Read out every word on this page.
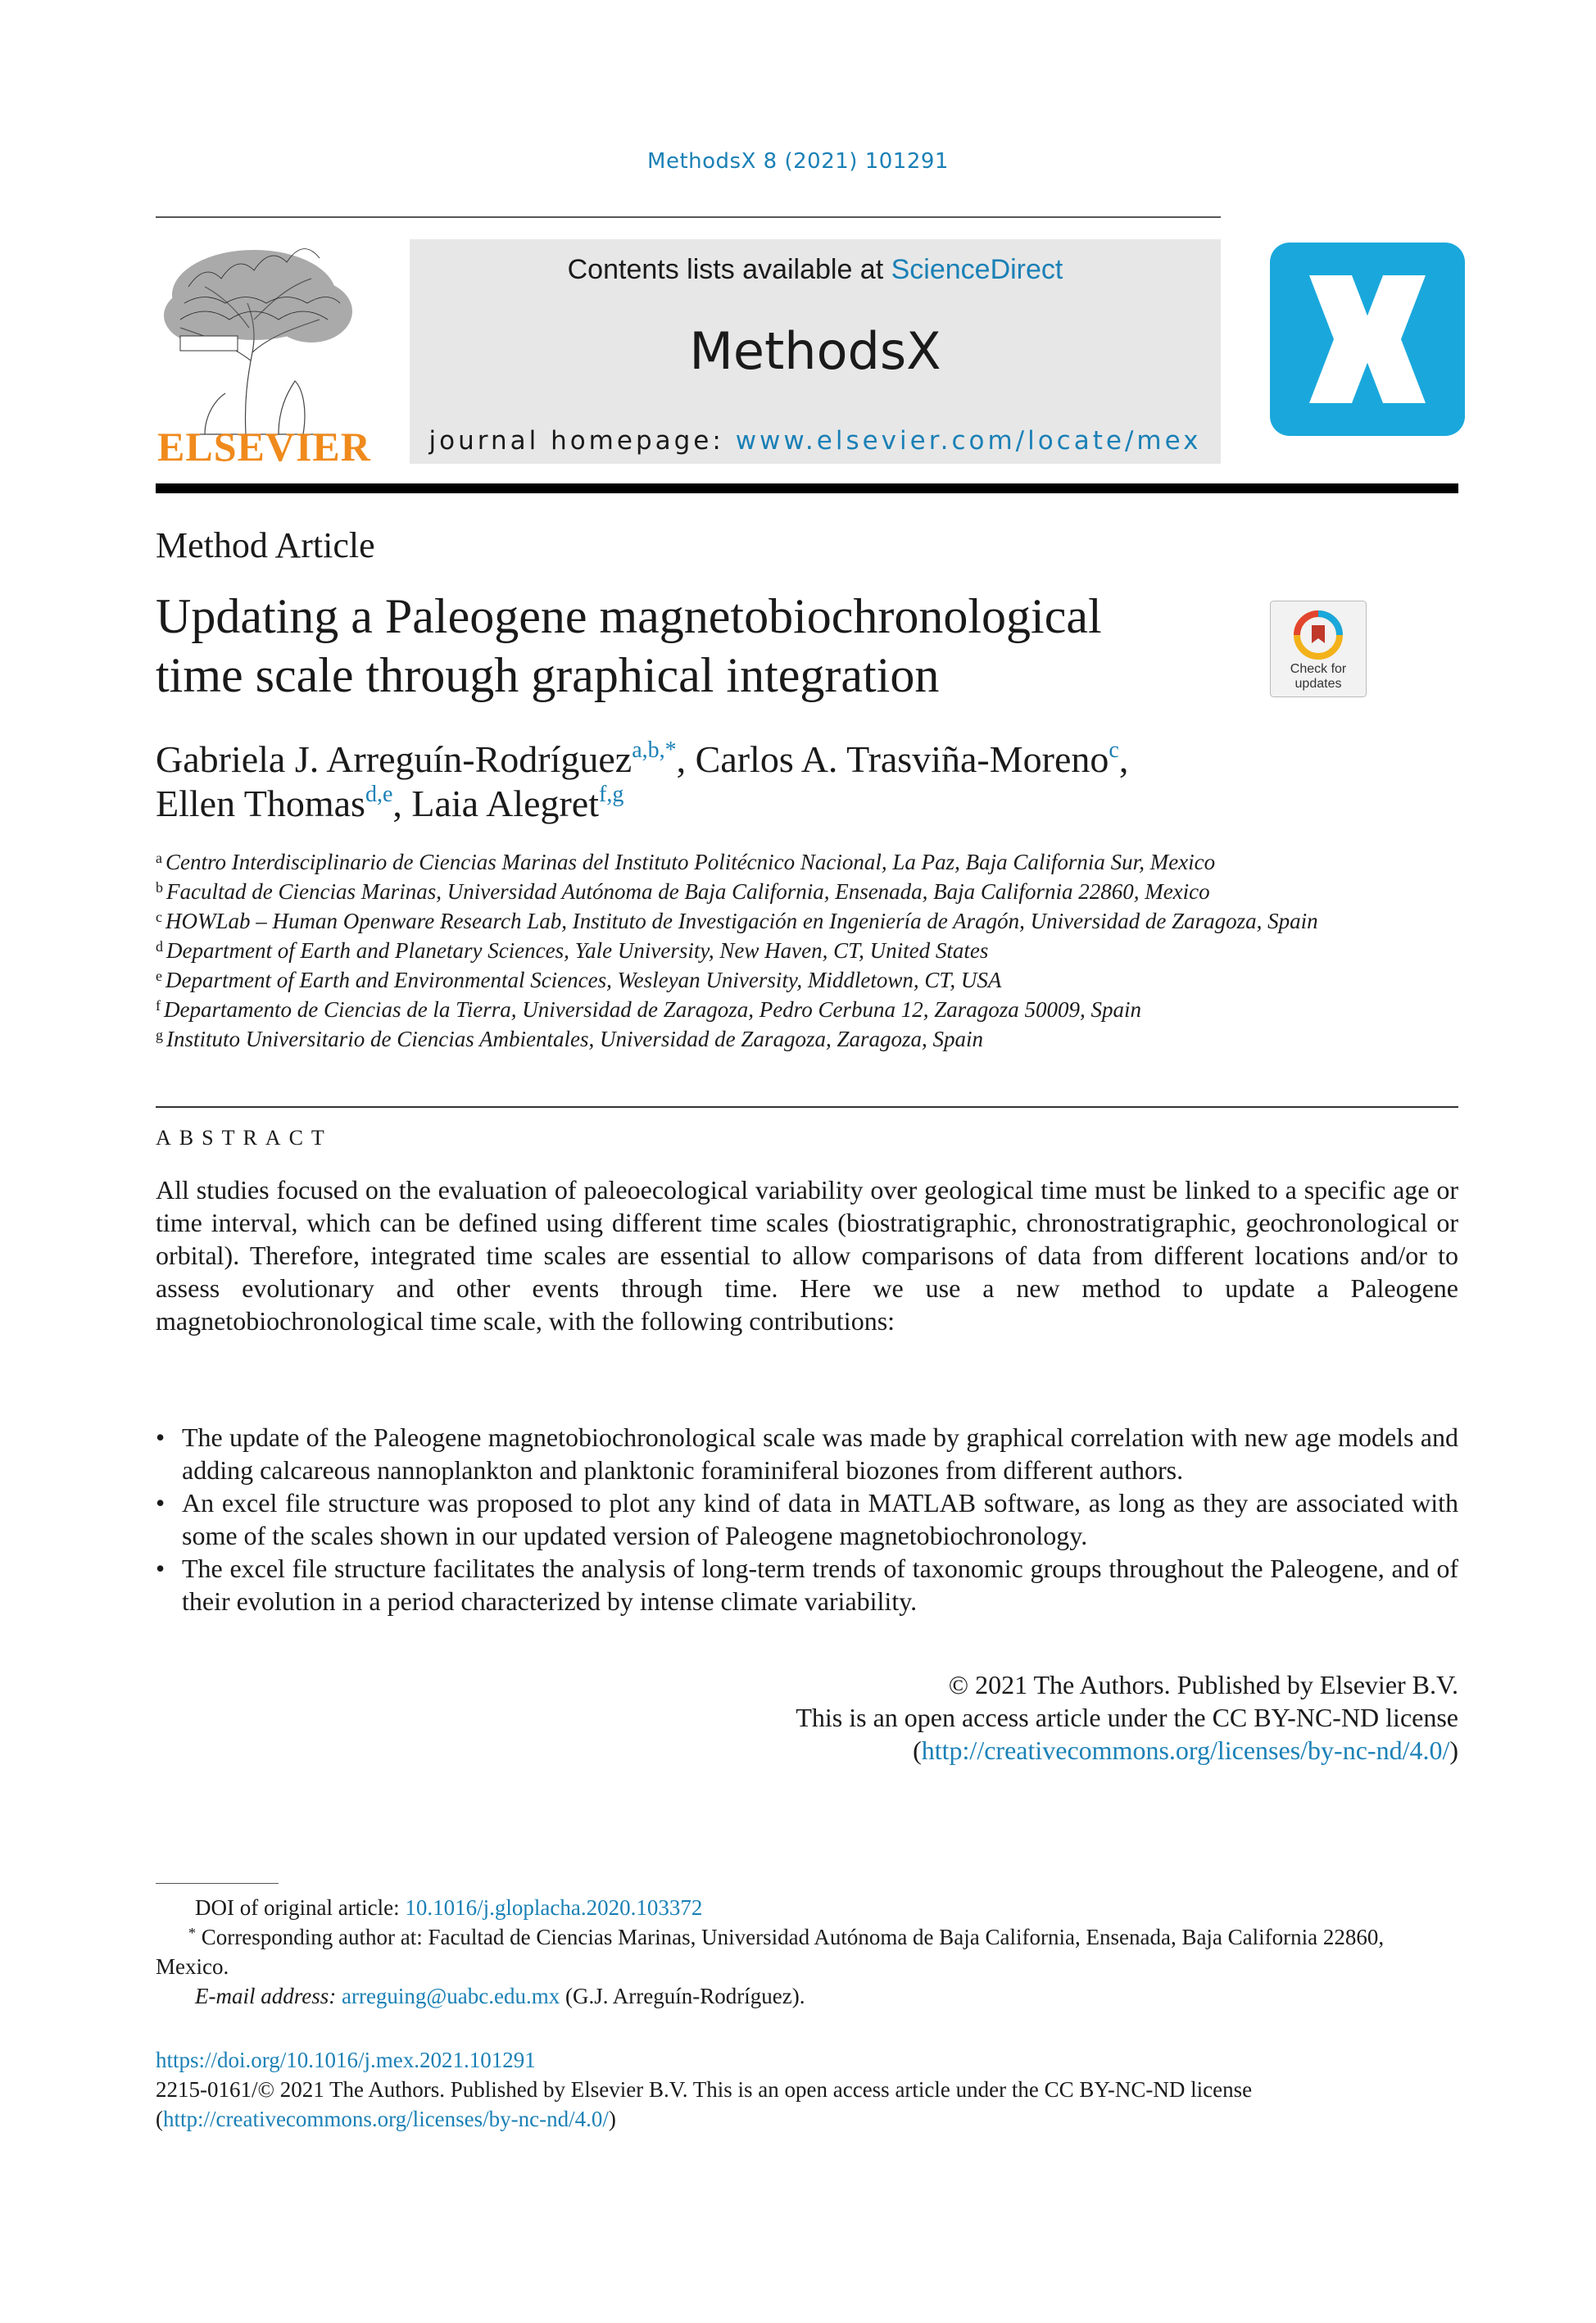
MethodsX 8 (2021) 101291
ELSEVIER
Contents lists available at ScienceDirect
MethodsX
journal homepage: www.elsevier.com/locate/mex
Method Article
Updating a Paleogene magnetobiochronological
time scale through graphical integration	Check for
updates
Gabriela J. Arreguín-Rodríguez$^{a,b,*}$, Carlos A. Trasviña-Moreno$^c$,
Ellen Thomas$^{d,e}$, Laia Alegret$^{f,g}$
$^a$ Centro Interdisciplinario de Ciencias Marinas del Instituto Politécnico Nacional, La Paz, Baja California Sur, Mexico
$^b$ Facultad de Ciencias Marinas, Universidad Autónoma de Baja California, Ensenada, Baja California 22860, Mexico
$^c$ HOWLab – Human Openware Research Lab, Instituto de Investigación en Ingeniería de Aragón, Universidad de Zaragoza, Spain
$^d$ Department of Earth and Planetary Sciences, Yale University, New Haven, CT, United States
$^e$ Department of Earth and Environmental Sciences, Wesleyan University, Middletown, CT, USA
$^f$ Departamento de Ciencias de la Tierra, Universidad de Zaragoza, Pedro Cerbuna 12, Zaragoza 50009, Spain
$^g$ Instituto Universitario de Ciencias Ambientales, Universidad de Zaragoza, Zaragoza, Spain
ABSTRACT
All studies focused on the evaluation of paleoecological variability over geological time must be linked to a specific age or time interval, which can be defined using different time scales (biostratigraphic, chronostratigraphic, geochronological or orbital). Therefore, integrated time scales are essential to allow comparisons of data from different locations and/or to assess evolutionary and other events through time. Here we use a new method to update a Paleogene magnetobiochronological time scale, with the following contributions:
• The update of the Paleogene magnetobiochronological scale was made by graphical correlation with new age models and adding calcareous nannoplankton and planktonic foraminiferal biozones from different authors.
• An excel file structure was proposed to plot any kind of data in MATLAB software, as long as they are associated with some of the scales shown in our updated version of Paleogene magnetobiochronology.
• The excel file structure facilitates the analysis of long-term trends of taxonomic groups throughout the Paleogene, and of their evolution in a period characterized by intense climate variability.
© 2021 The Authors. Published by Elsevier B.V.
This is an open access article under the CC BY-NC-ND license
(http://creativecommons.org/licenses/by-nc-nd/4.0/)
DOI of original article: 10.1016/j.gloplacha.2020.103372
* Corresponding author at: Facultad de Ciencias Marinas, Universidad Autónoma de Baja California, Ensenada, Baja California 22860, Mexico.
E-mail address: arreguing@uabc.edu.mx (G.J. Arreguín-Rodríguez).
https://doi.org/10.1016/j.mex.2021.101291
2215-0161/© 2021 The Authors. Published by Elsevier B.V. This is an open access article under the CC BY-NC-ND license
(http://creativecommons.org/licenses/by-nc-nd/4.0/)
